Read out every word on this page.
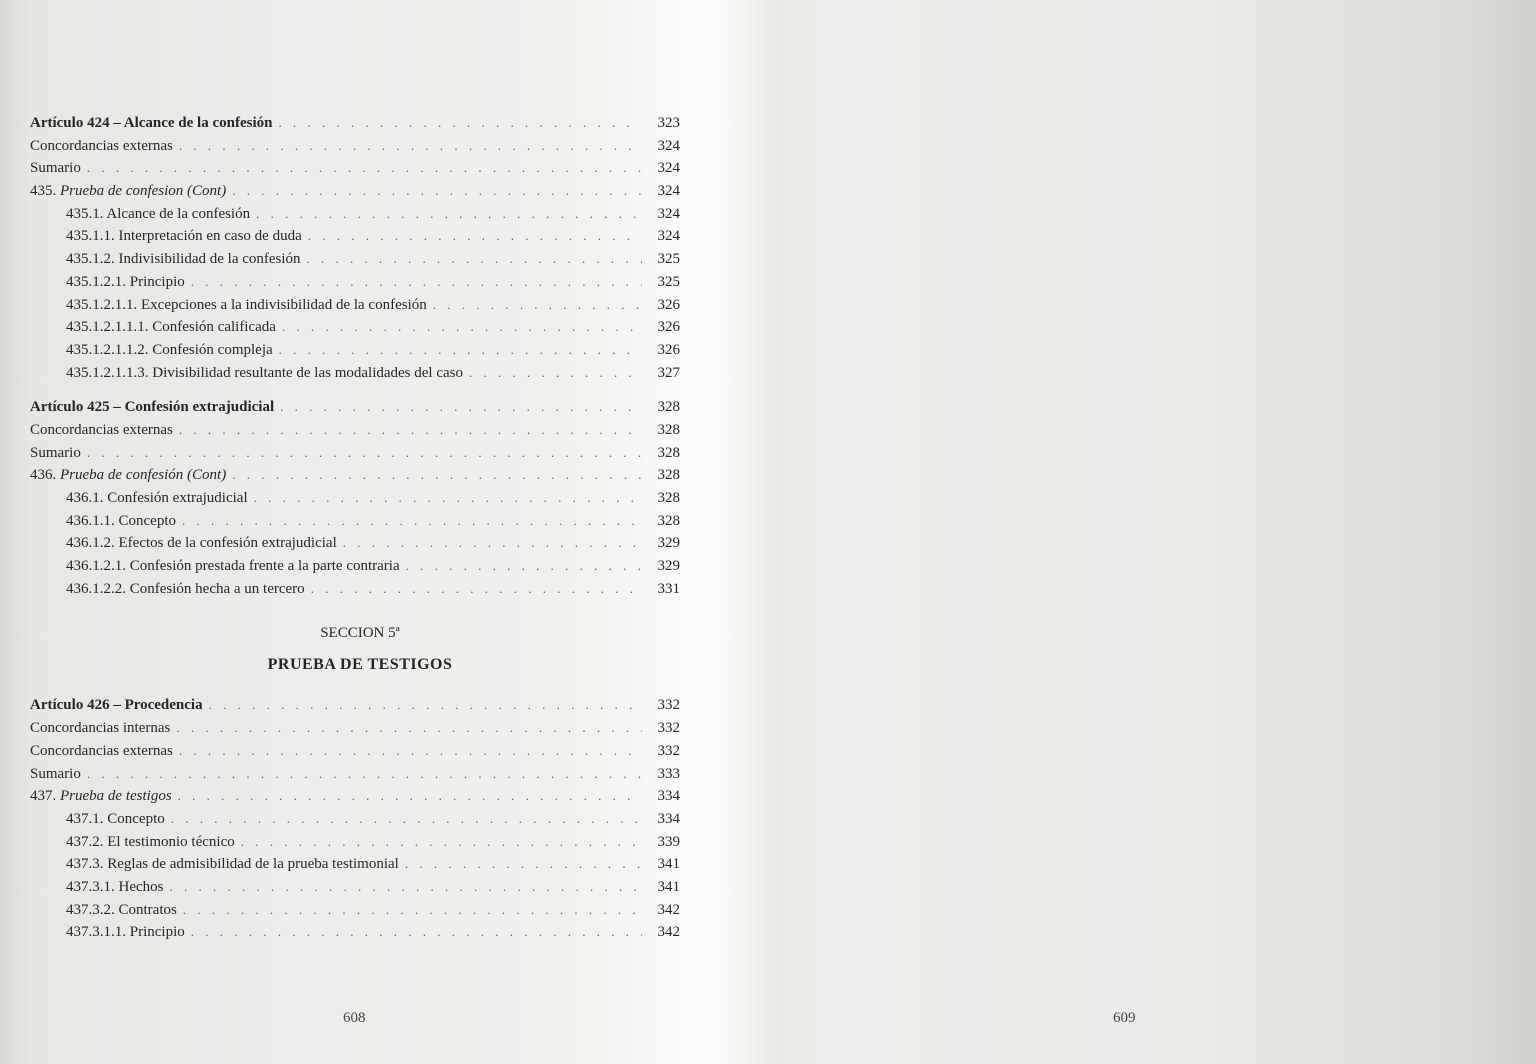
Artículo 424 – Alcance de la confesión . . .	323
Concordancias externas . . .	324
Sumario . . .	324
435. Prueba de confesion (Cont) . . .	324
435.1. Alcance de la confesión . . .	324
435.1.1. Interpretación en caso de duda . . .	324
435.1.2. Indivisibilidad de la confesión . . .	325
435.1.2.1. Principio . . .	325
435.1.2.1.1. Excepciones a la indivisibilidad de la confesión . . .	326
435.1.2.1.1.1. Confesión calificada . . .	326
435.1.2.1.1.2. Confesión compleja . . .	326
435.1.2.1.1.3. Divisibilidad resultante de las modalidades del caso . . .	327
Artículo 425 – Confesión extrajudicial . . .	328
Concordancias externas . . .	328
Sumario . . .	328
436. Prueba de confesión (Cont) . . .	328
436.1. Confesión extrajudicial . . .	328
436.1.1. Concepto . . .	328
436.1.2. Efectos de la confesión extrajudicial . . .	329
436.1.2.1. Confesión prestada frente a la parte contraria . . .	329
436.1.2.2. Confesión hecha a un tercero . . .	331
SECCION 5ª
PRUEBA DE TESTIGOS
Artículo 426 – Procedencia . . .	332
Concordancias internas . . .	332
Concordancias externas . . .	332
Sumario . . .	333
437. Prueba de testigos . . .	334
437.1. Concepto . . .	334
437.2. El testimonio técnico . . .	339
437.3. Reglas de admisibilidad de la prueba testimonial . . .	341
437.3.1. Hechos . . .	341
437.3.2. Contratos . . .	342
437.3.1.1. Principio . . .	342
608	609
